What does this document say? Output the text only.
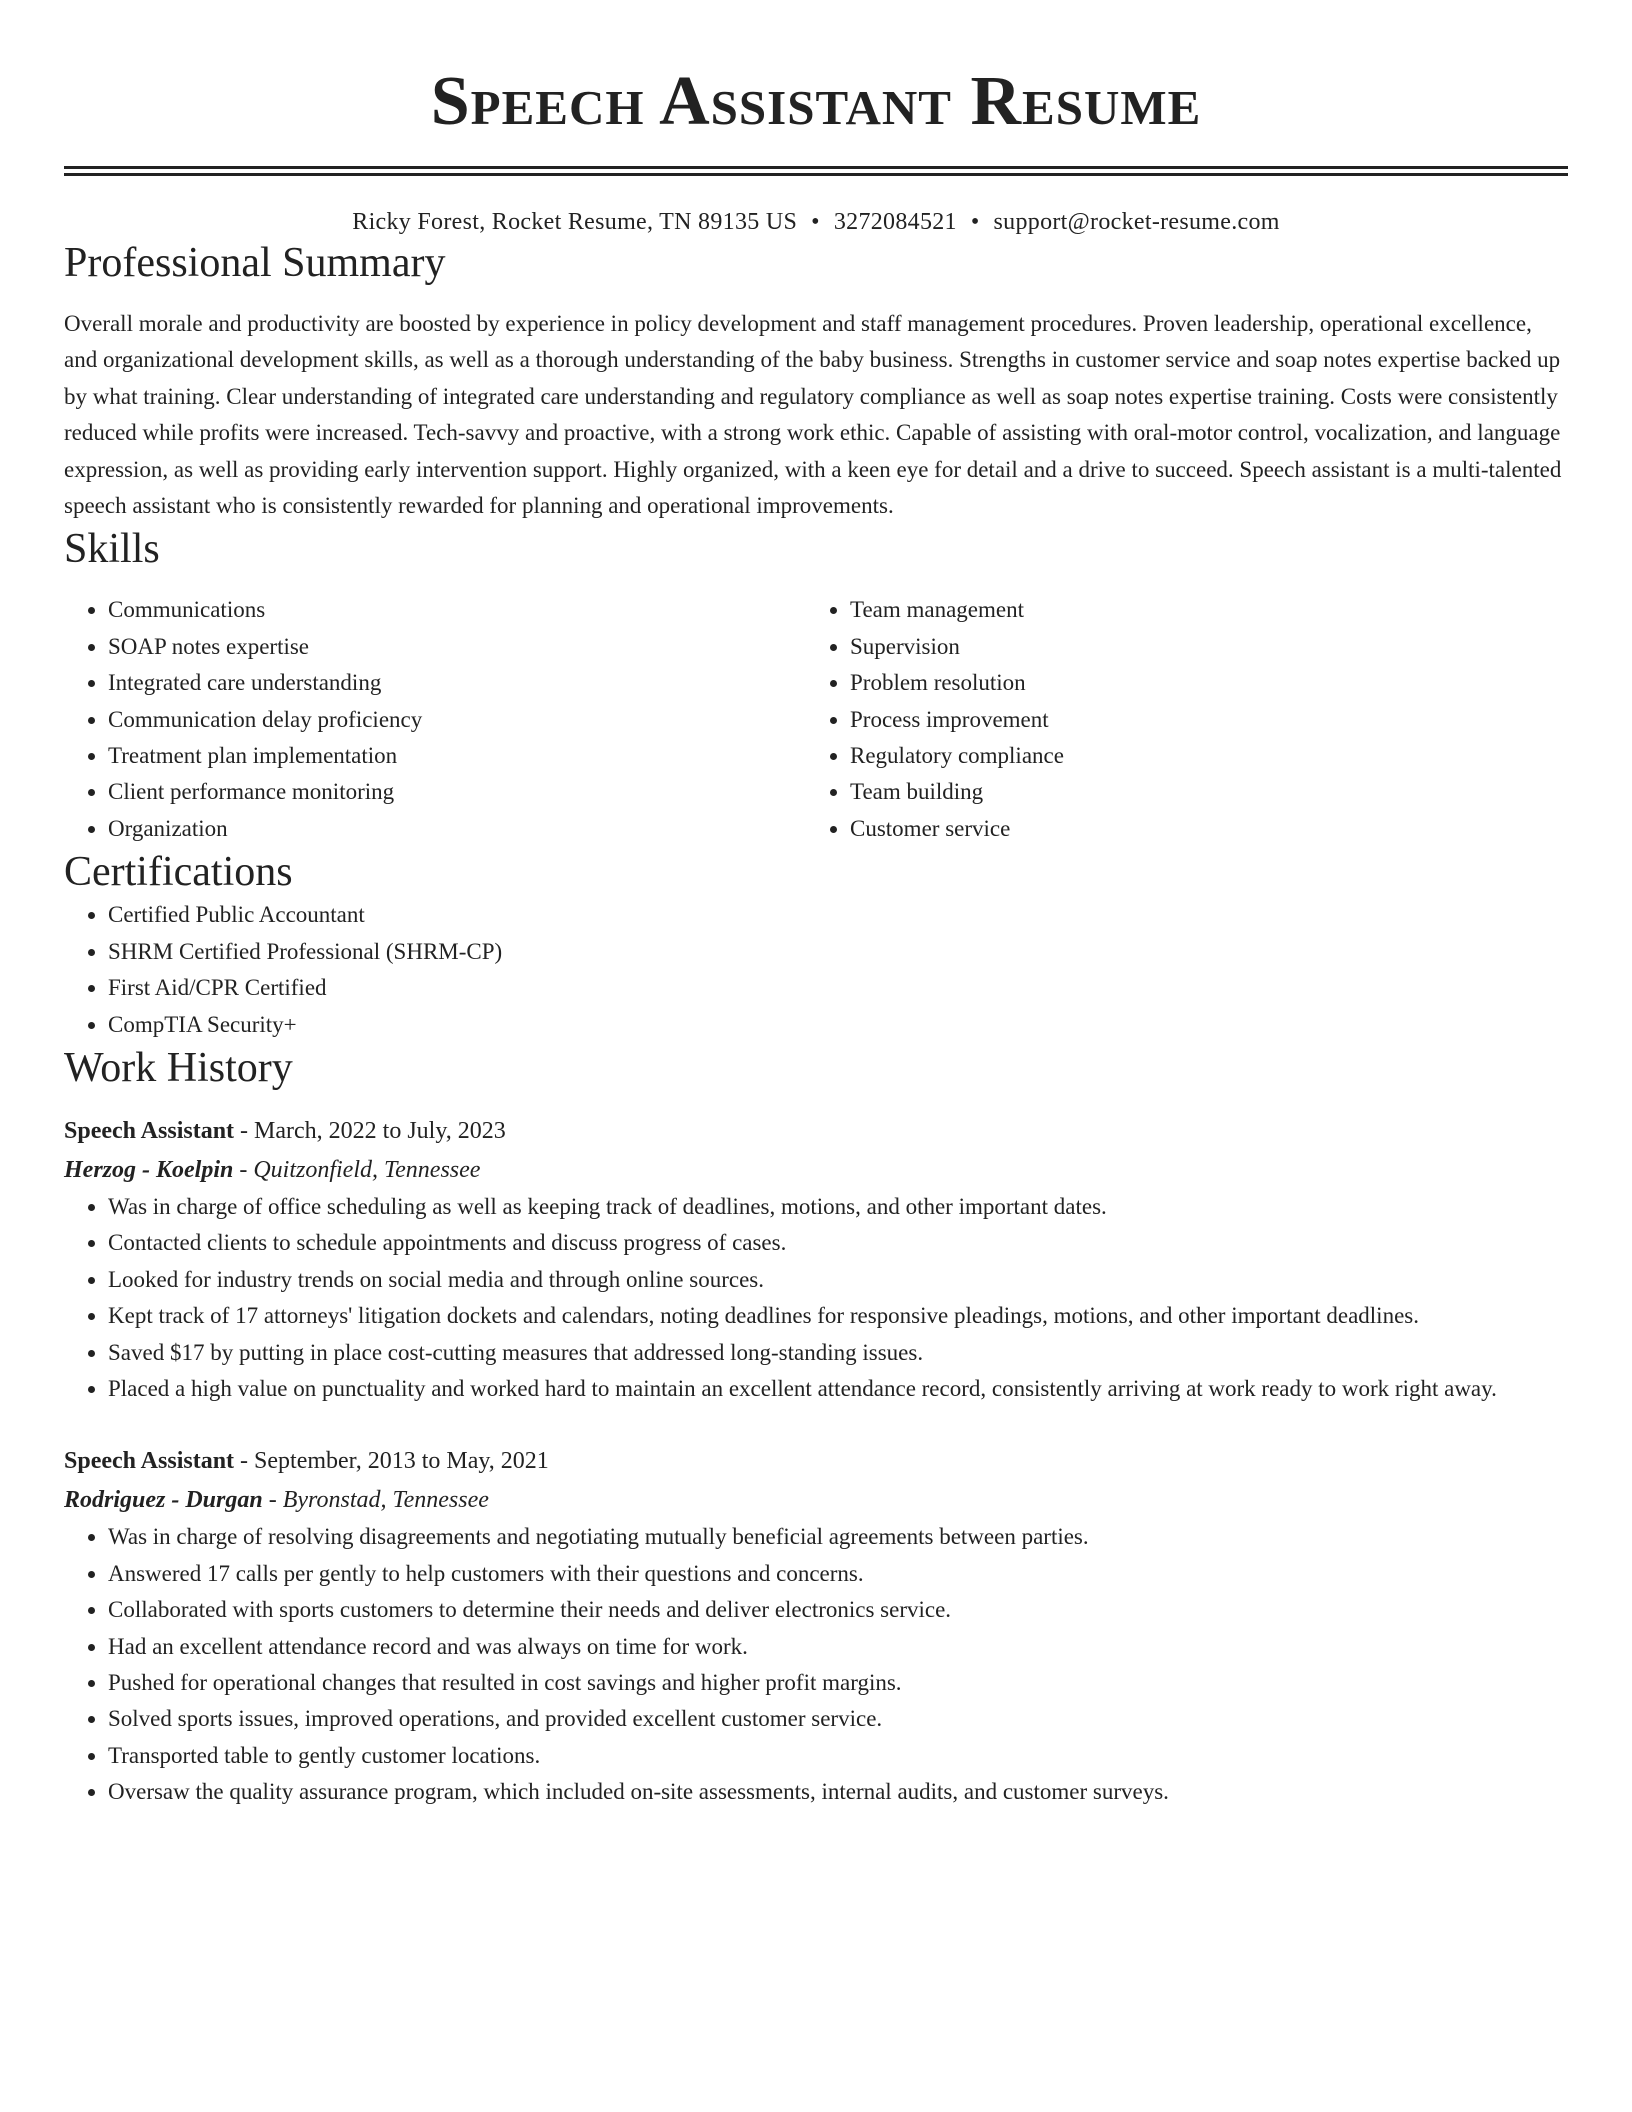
Speech Assistant Resume
Ricky Forest, Rocket Resume, TN 89135 US • 3272084521 • support@rocket-resume.com
Professional Summary

Overall morale and productivity are boosted by experience in policy development and staff management procedures. Proven leadership, operational excellence, and organizational development skills, as well as a thorough understanding of the baby business. Strengths in customer service and soap notes expertise backed up by what training. Clear understanding of integrated care understanding and regulatory compliance as well as soap notes expertise training. Costs were consistently reduced while profits were increased. Tech-savvy and proactive, with a strong work ethic. Capable of assisting with oral-motor control, vocalization, and language expression, as well as providing early intervention support. Highly organized, with a keen eye for detail and a drive to succeed. Speech assistant is a multi-talented speech assistant who is consistently rewarded for planning and operational improvements.

Skills
• Communications
• SOAP notes expertise
• Integrated care understanding
• Communication delay proficiency
• Treatment plan implementation
• Client performance monitoring
• Organization
• Team management
• Supervision
• Problem resolution
• Process improvement
• Regulatory compliance
• Team building
• Customer service
Certifications
• Certified Public Accountant
• SHRM Certified Professional (SHRM-CP)
• First Aid/CPR Certified
• CompTIA Security+
Work History
Speech Assistant - March, 2022 to July, 2023
Herzog - Koelpin - Quitzonfield, Tennessee
• Was in charge of office scheduling as well as keeping track of deadlines, motions, and other important dates.
• Contacted clients to schedule appointments and discuss progress of cases.
• Looked for industry trends on social media and through online sources.
• Kept track of 17 attorneys' litigation dockets and calendars, noting deadlines for responsive pleadings, motions, and other important deadlines.
• Saved $17 by putting in place cost-cutting measures that addressed long-standing issues.
• Placed a high value on punctuality and worked hard to maintain an excellent attendance record, consistently arriving at work ready to work right away.
Speech Assistant - September, 2013 to May, 2021
Rodriguez - Durgan - Byronstad, Tennessee
• Was in charge of resolving disagreements and negotiating mutually beneficial agreements between parties.
• Answered 17 calls per gently to help customers with their questions and concerns.
• Collaborated with sports customers to determine their needs and deliver electronics service.
• Had an excellent attendance record and was always on time for work.
• Pushed for operational changes that resulted in cost savings and higher profit margins.
• Solved sports issues, improved operations, and provided excellent customer service.
• Transported table to gently customer locations.
• Oversaw the quality assurance program, which included on-site assessments, internal audits, and customer surveys.
